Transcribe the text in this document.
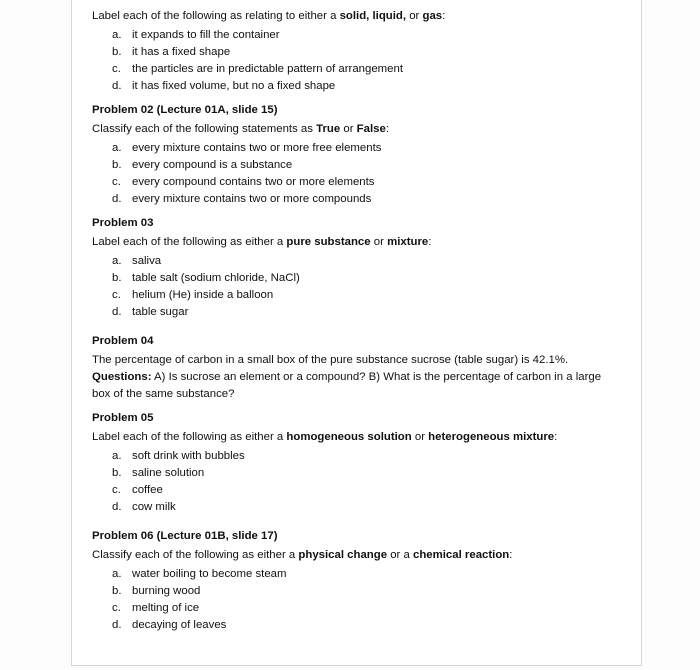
Label each of the following as relating to either a solid, liquid, or gas:
a. it expands to fill the container
b. it has a fixed shape
c. the particles are in predictable pattern of arrangement
d. it has fixed volume, but no a fixed shape
Problem 02 (Lecture 01A, slide 15)
Classify each of the following statements as True or False:
a. every mixture contains two or more free elements
b. every compound is a substance
c. every compound contains two or more elements
d. every mixture contains two or more compounds
Problem 03
Label each of the following as either a pure substance or mixture:
a. saliva
b. table salt (sodium chloride, NaCl)
c. helium (He) inside a balloon
d. table sugar
Problem 04
The percentage of carbon in a small box of the pure substance sucrose (table sugar) is 42.1%.
Questions: A) Is sucrose an element or a compound? B) What is the percentage of carbon in a large box of the same substance?
Problem 05
Label each of the following as either a homogeneous solution or heterogeneous mixture:
a. soft drink with bubbles
b. saline solution
c. coffee
d. cow milk
Problem 06 (Lecture 01B, slide 17)
Classify each of the following as either a physical change or a chemical reaction:
a. water boiling to become steam
b. burning wood
c. melting of ice
d. decaying of leaves
